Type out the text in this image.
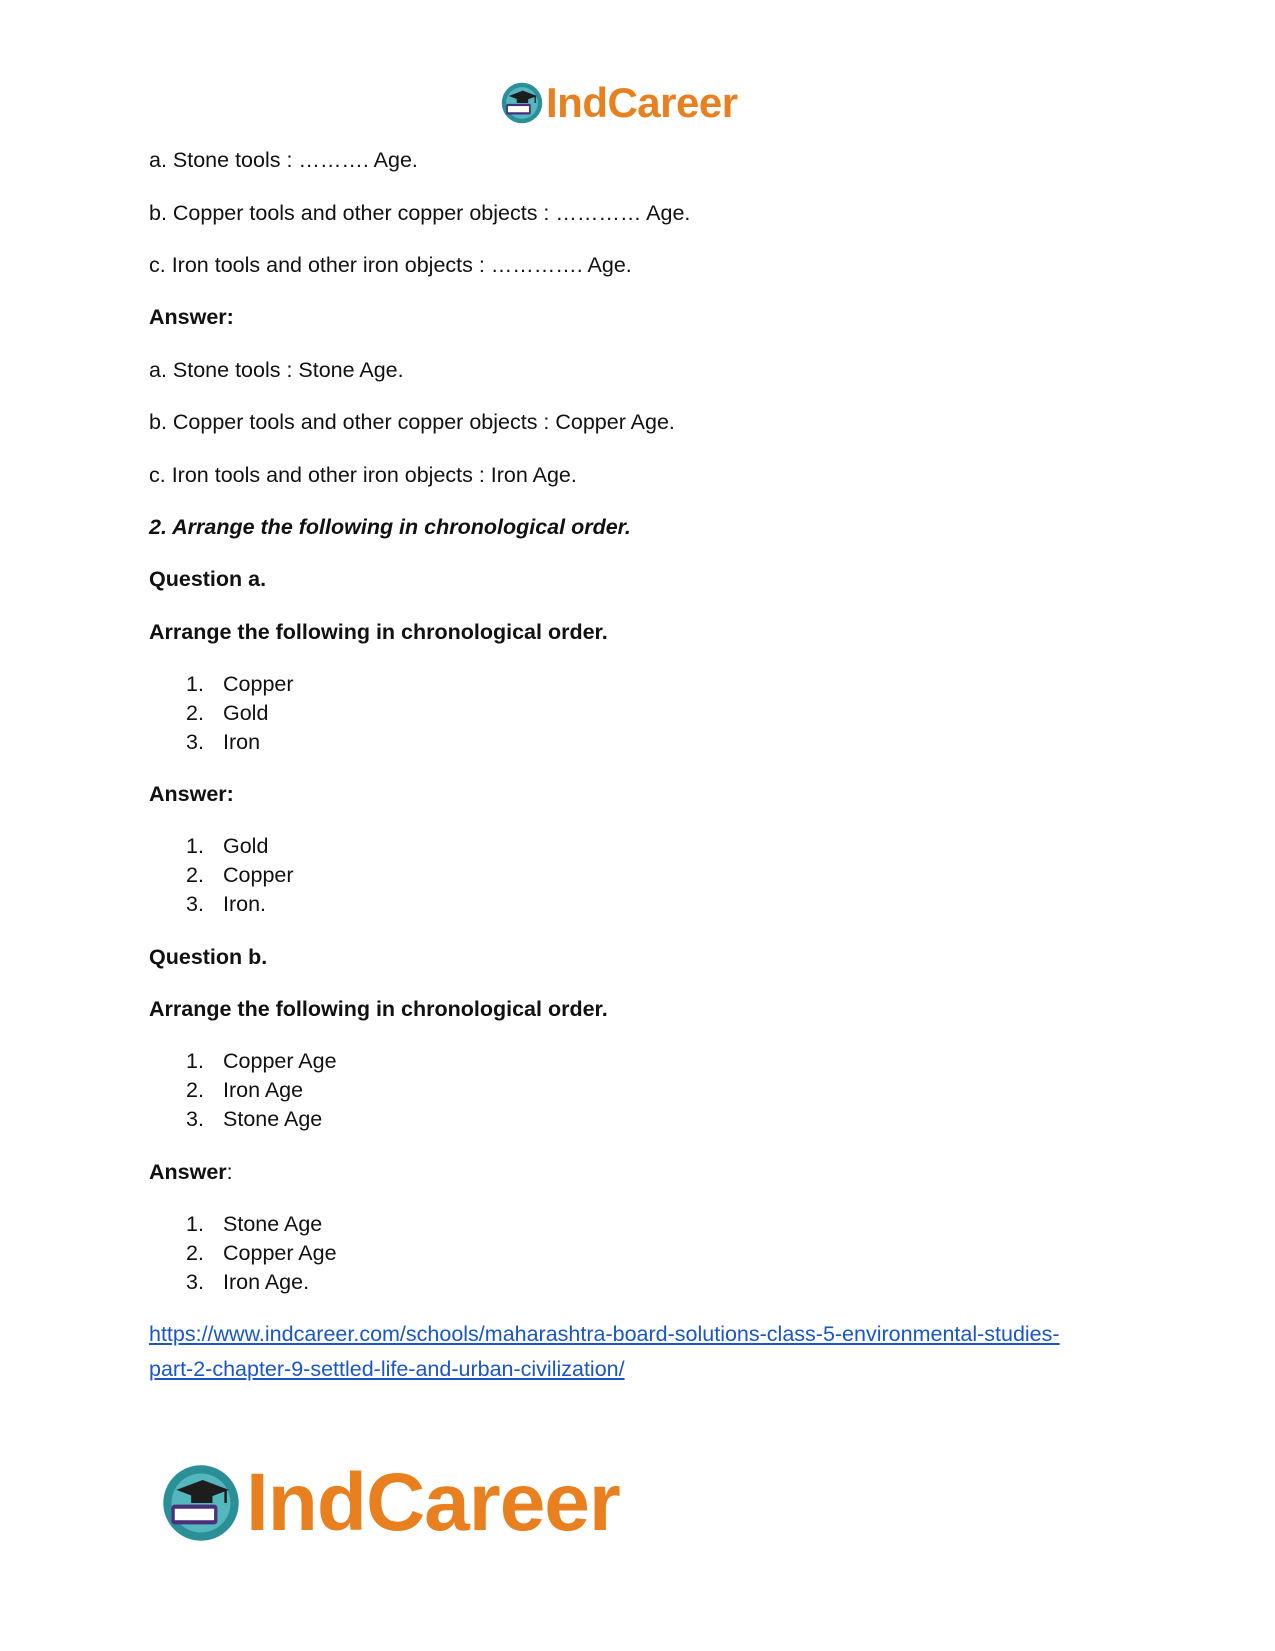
IndCareer
a. Stone tools : ………. Age.
b. Copper tools and other copper objects : ………… Age.
c. Iron tools and other iron objects : …………. Age.
Answer:
a. Stone tools : Stone Age.
b. Copper tools and other copper objects : Copper Age.
c. Iron tools and other iron objects : Iron Age.
2. Arrange the following in chronological order.
Question a.
Arrange the following in chronological order.
1. Copper
2. Gold
3. Iron
Answer:
1. Gold
2. Copper
3. Iron.
Question b.
Arrange the following in chronological order.
1. Copper Age
2. Iron Age
3. Stone Age
Answer:
1. Stone Age
2. Copper Age
3. Iron Age.
https://www.indcareer.com/schools/maharashtra-board-solutions-class-5-environmental-studies-
part-2-chapter-9-settled-life-and-urban-civilization/
IndCareer
